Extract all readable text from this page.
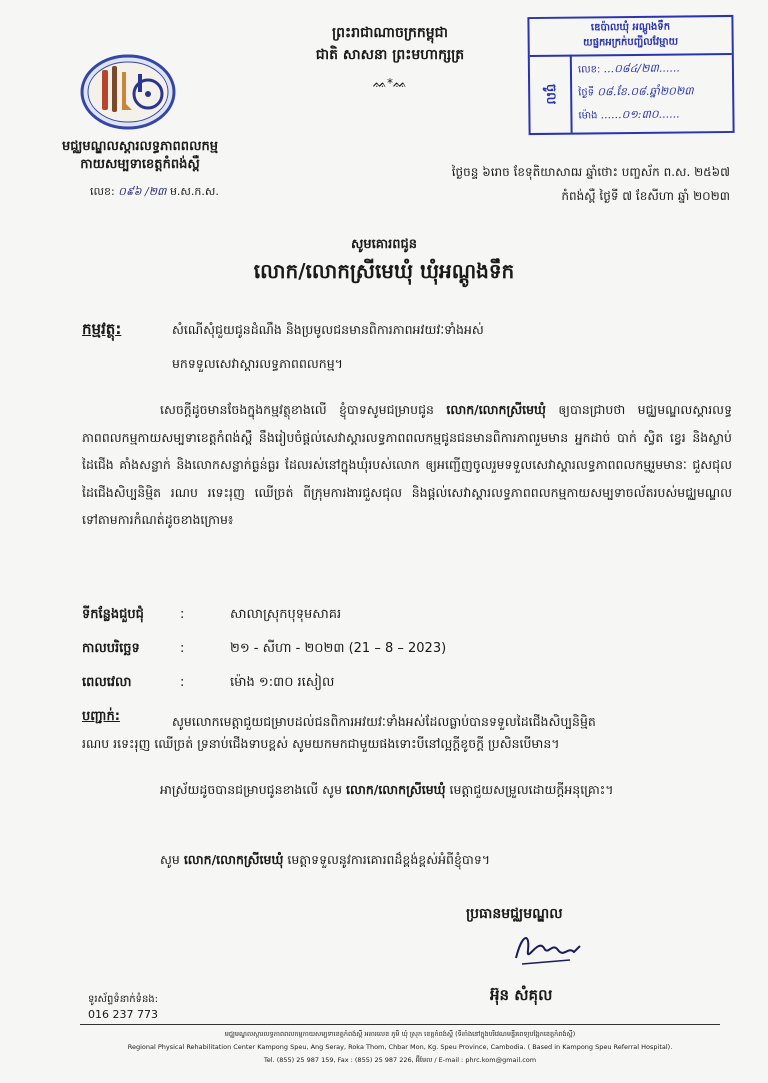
មជ្ឈមណ្ឌលស្តារលទ្ធភាពពលកម្ម
កាយសម្បទាខេត្តកំពង់ស្ពឺ
លេខ: ០៩៦ /២៣ ម.ស.ក.ស.
ព្រះរាជាណាចក្រកម្ពុជា
ជាតិ សាសនា ព្រះមហាក្សត្រ
ᨐ*ᨐ
ឌេប៉ាលឃុំ អណ្តូងទឹក
យផ្នកអក្រក់បញ្ជីលវែម្មាយ
ចូល
លេខ: ...០៨៤/២៣......
ថ្ងៃទី ០៨.ខែ.០៨.ឆ្នាំ២០២៣
ម៉ោង ......០១:៣០......
ថ្ងៃចន្ទ ៦រោច ខែទុតិយាសាឍ ឆ្នាំថោះ បញ្ចស័ក ព.ស. ២៥៦៧
កំពង់ស្ពឺ ថ្ងៃទី ៧ ខែសីហា ឆ្នាំ ២០២៣
សូមគោរពជូន
លោក/លោកស្រីមេឃុំ ឃុំអណ្តូងទឹក
កម្មវត្ថុ:	សំណើសុំជួយជូនដំណឹង និងប្រមូលជនមានពិការភាពអវយវៈទាំងអស់
មកទទួលសេវាស្តារលទ្ធភាពពលកម្ម។
សេចក្តីដូចមានចែងក្នុងកម្មវត្ថុខាងលើ ខ្ញុំបាទសូមជម្រាបជូន លោក/លោកស្រីមេឃុំ ឲ្យបានជ្រាបថា មជ្ឈមណ្ឌលស្តារលទ្ធភាពពលកម្មកាយសម្បទាខេត្តកំពង់ស្ពឺ នឹងរៀបចំផ្តល់សេវាស្តារលទ្ធភាពពលកម្មជូនជនមានពិការភាពរួមមាន អ្នកដាច់ បាក់ ស្វិត ខ្វេរ និងស្លាប់ដៃជើង គាំងសន្លាក់ និងលោកសន្លាក់ធ្ងន់ធ្ងរ ដែលរស់នៅក្នុងឃុំរបស់លោក ឲ្យអញ្ជើញចូលរួមទទួលសេវាស្តារលទ្ធភាពពលកម្មរួមមានៈ ជួសជុល ដៃជើងសិប្បនិម្មិត រណប រទេះរុញ ឈើច្រត់ ពីក្រុមការងារជួសជុល និងផ្តល់សេវាស្តារលទ្ធភាពពលកម្មកាយសម្បទាចល័តរបស់មជ្ឈមណ្ឌលទៅតាមការកំណត់ដូចខាងក្រោម៖
ទីកន្លែងជួបជុំ	:	សាលាស្រុកបុទុមសាគរ
កាលបរិច្ឆេទ	:	២១ - សីហា - ២០២៣ (21 – 8 – 2023)
ពេលវេលា	:	ម៉ោង ១:៣០ រសៀល
បញ្ជាក់:	សូមលោកមេត្តាជួយជម្រាបដល់ជនពិការអវយវៈទាំងអស់ដែលធ្លាប់បានទទួលដៃជើងសិប្បនិម្មិត
រណប រទេះរុញ ឈើច្រត់ ទ្រនាប់ជើងទាបខ្ពស់ សូមយកមកជាមួយផងទោះបីនៅល្អក្តីខូចក្តី ប្រសិនបើមាន។
អាស្រ័យដូចបានជម្រាបជូនខាងលើ សូម លោក/លោកស្រីមេឃុំ មេត្តាជួយសម្រួលដោយក្តីអនុគ្រោះ។
សូម លោក/លោកស្រីមេឃុំ មេត្តាទទួលនូវការគោរពដ៏ខ្ពង់ខ្ពស់អំពីខ្ញុំបាទ។
ប្រធានមជ្ឈមណ្ឌល
អ៊ុន សំគុល
ទូរស័ព្ទទំនាក់ទំនង:
016 237 773
មជ្ឈមណ្ឌលស្តារលទ្ធភាពពលកម្មកាយសម្បទាខេត្តកំពង់ស្ពឺ អគារលេខ ភូមិ ឃុំ ស្រុក ខេត្តកំពង់ស្ពឺ (ទីតាំងនៅក្នុងបរិវេណមន្ទីរពេទ្យបង្អែកខេត្តកំពង់ស្ពឺ)
Regional Physical Rehabilitation Center Kampong Speu, Ang Seray, Roka Thom, Chbar Mon, Kg. Speu Province, Cambodia. ( Based in Kampong Speu Referral Hospital).
Tel. (855) 25 987 159, Fax : (855) 25 987 226, អ៊ីមែល / E-mail : phrc.kom@gmail.com
